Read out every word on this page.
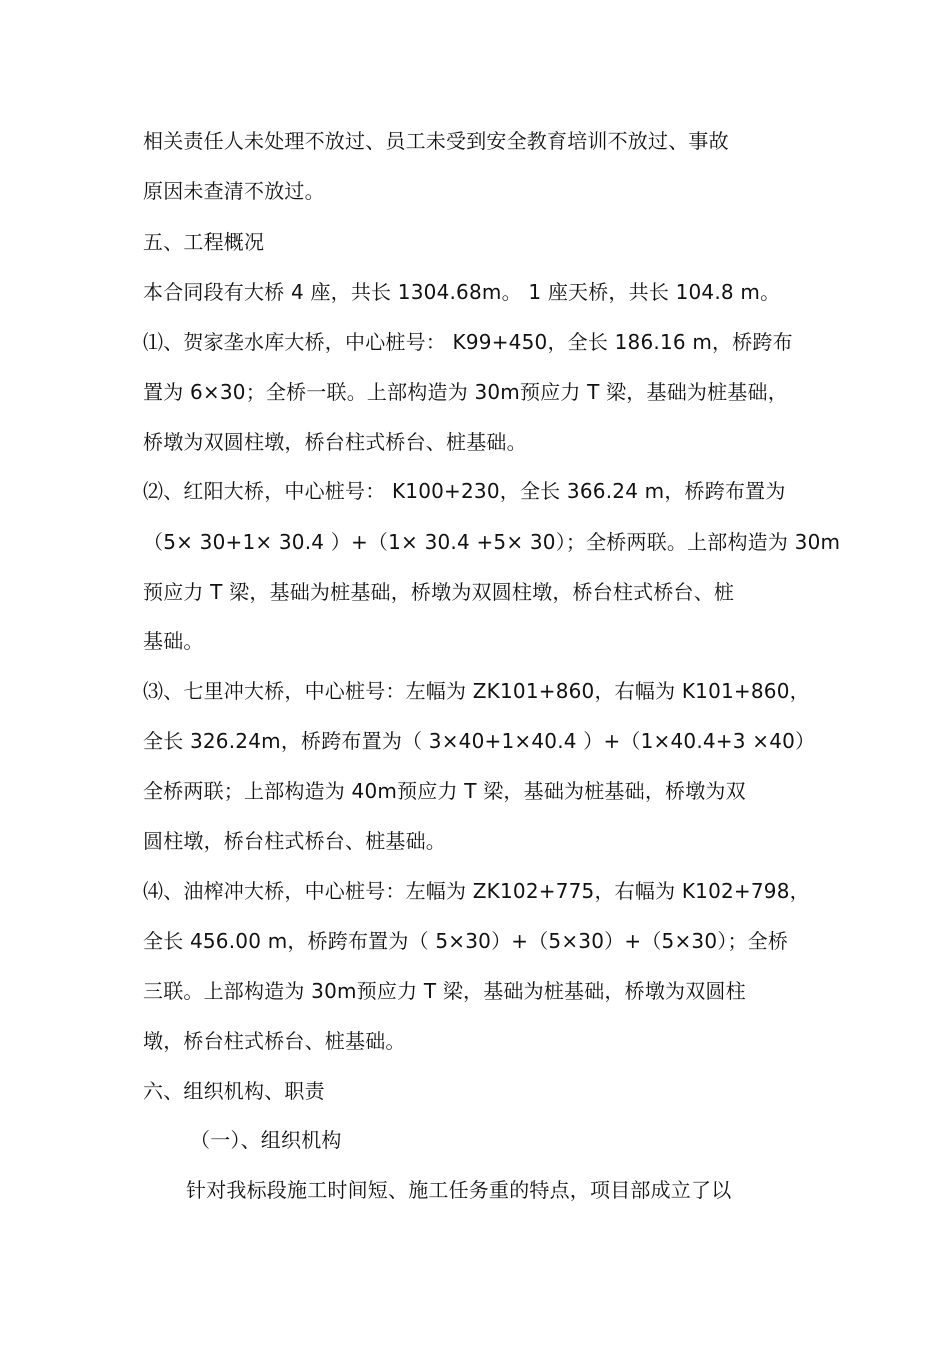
相关责任人未处理不放过、员工未受到安全教育培训不放过、事故
原因未查清不放过。
五、工程概况
本合同段有大桥 4 座，共长 1304.68m。 1 座天桥，共长 104.8 m。
⑴、贺家垄水库大桥，中心桩号： K99+450，全长 186.16 m，桥跨布
置为 6×30；全桥一联。上部构造为 30m预应力 T 梁，基础为桩基础，
桥墩为双圆柱墩，桥台柱式桥台、桩基础。
⑵、红阳大桥，中心桩号： K100+230，全长 366.24 m，桥跨布置为
（5× 30+1× 30.4 ）+（1× 30.4 +5× 30）；全桥两联。上部构造为 30m
预应力 T 梁，基础为桩基础，桥墩为双圆柱墩，桥台柱式桥台、桩
基础。
⑶、七里冲大桥，中心桩号：左幅为 ZK101+860，右幅为 K101+860，
全长 326.24m，桥跨布置为（ 3×40+1×40.4 ）+（1×40.4+3 ×40）
全桥两联；上部构造为 40m预应力 T 梁，基础为桩基础，桥墩为双
圆柱墩，桥台柱式桥台、桩基础。
⑷、油榨冲大桥，中心桩号：左幅为 ZK102+775，右幅为 K102+798，
全长 456.00 m，桥跨布置为（ 5×30）+（5×30）+（5×30）；全桥
三联。上部构造为 30m预应力 T 梁，基础为桩基础，桥墩为双圆柱
墩，桥台柱式桥台、桩基础。
六、组织机构、职责
（一）、组织机构
针对我标段施工时间短、施工任务重的特点，项目部成立了以
